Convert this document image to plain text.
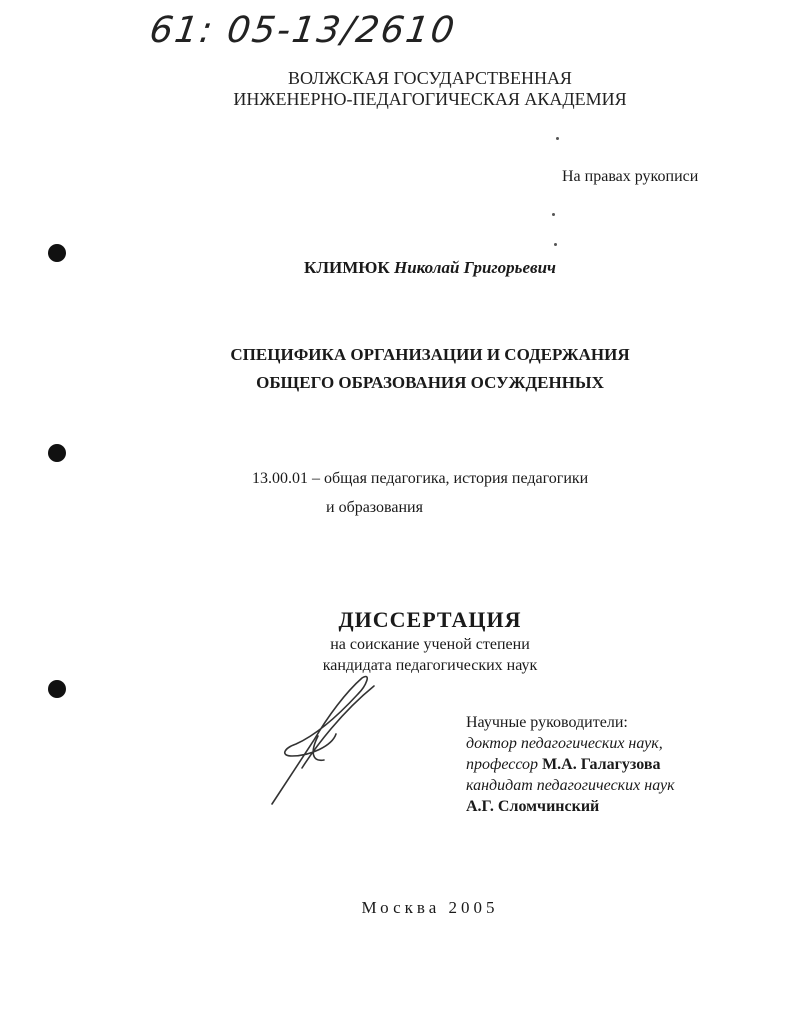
61: 05-13/2610
ВОЛЖСКАЯ ГОСУДАРСТВЕННАЯ
ИНЖЕНЕРНО-ПЕДАГОГИЧЕСКАЯ АКАДЕМИЯ
На правах рукописи
КЛИМЮК Николай Григорьевич
СПЕЦИФИКА ОРГАНИЗАЦИИ И СОДЕРЖАНИЯ
ОБЩЕГО ОБРАЗОВАНИЯ ОСУЖДЕННЫХ
13.00.01 – общая педагогика, история педагогики
и образования
ДИССЕРТАЦИЯ
на соискание ученой степени
кандидата педагогических наук
Научные руководители:
доктор педагогических наук,
профессор М.А. Галагузова
кандидат педагогических наук
А.Г. Сломчинский
Москва 2005
